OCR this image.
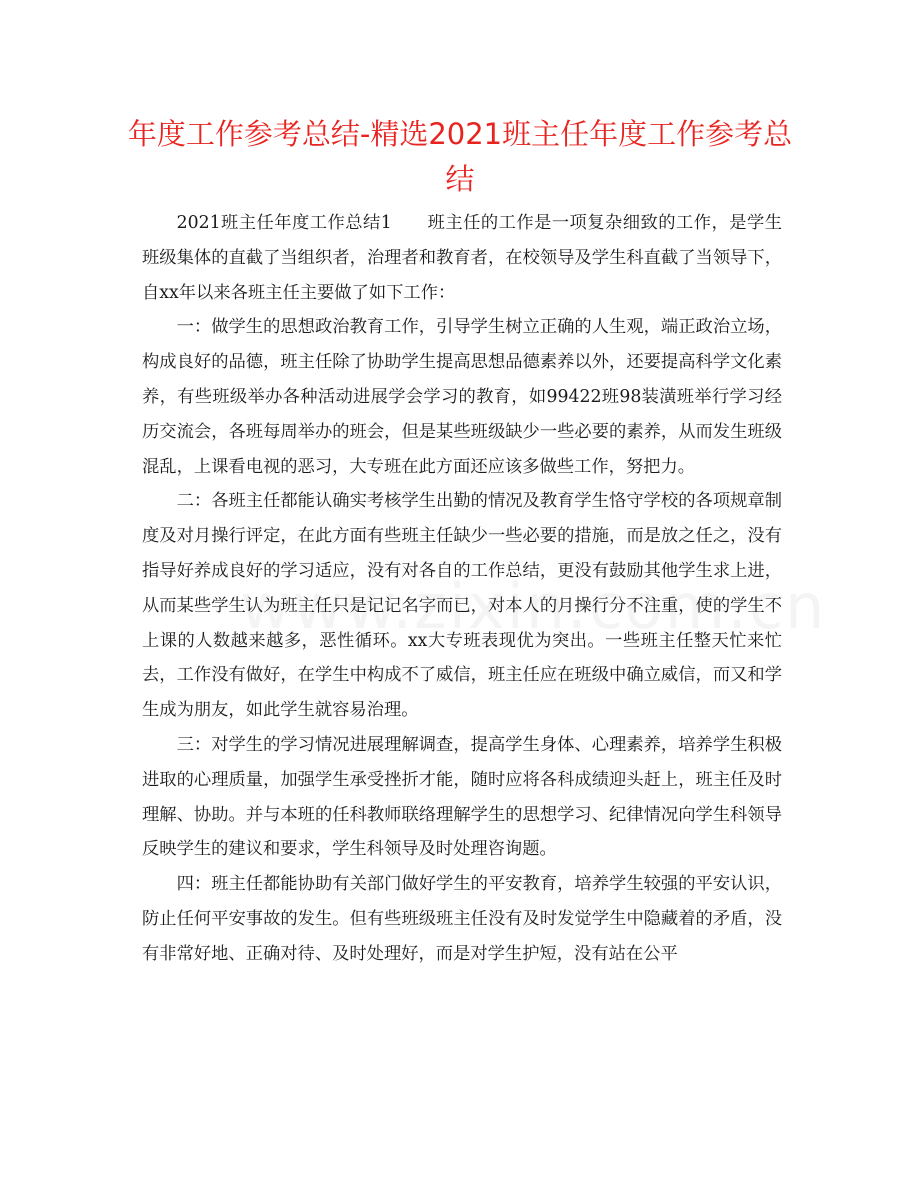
年度工作参考总结-精选2021班主任年度工作参考总结

2021班主任年度工作总结1　　班主任的工作是一项复杂细致的工作，是学生班级集体的直截了当组织者，治理者和教育者，在校领导及学生科直截了当领导下，自xx年以来各班主任主要做了如下工作：

一：做学生的思想政治教育工作，引导学生树立正确的人生观，端正政治立场，构成良好的品德，班主任除了协助学生提高思想品德素养以外，还要提高科学文化素养，有些班级举办各种活动进展学会学习的教育，如99422班98装潢班举行学习经历交流会，各班每周举办的班会，但是某些班级缺少一些必要的素养，从而发生班级混乱，上课看电视的恶习，大专班在此方面还应该多做些工作，努把力。

二：各班主任都能认确实考核学生出勤的情况及教育学生恪守学校的各项规章制度及对月操行评定，在此方面有些班主任缺少一些必要的措施，而是放之任之，没有指导好养成良好的学习适应，没有对各自的工作总结，更没有鼓励其他学生求上进，从而某些学生认为班主任只是记记名字而已，对本人的月操行分不注重，使的学生不上课的人数越来越多，恶性循环。xx大专班表现优为突出。一些班主任整天忙来忙去，工作没有做好，在学生中构成不了威信，班主任应在班级中确立威信，而又和学生成为朋友，如此学生就容易治理。

三：对学生的学习情况进展理解调查，提高学生身体、心理素养，培养学生积极进取的心理质量，加强学生承受挫折才能，随时应将各科成绩迎头赶上，班主任及时理解、协助。并与本班的任科教师联络理解学生的思想学习、纪律情况向学生科领导反映学生的建议和要求，学生科领导及时处理咨询题。

四：班主任都能协助有关部门做好学生的平安教育，培养学生较强的平安认识，防止任何平安事故的发生。但有些班级班主任没有及时发觉学生中隐藏着的矛盾，没有非常好地、正确对待、及时处理好，而是对学生护短，没有站在公平
